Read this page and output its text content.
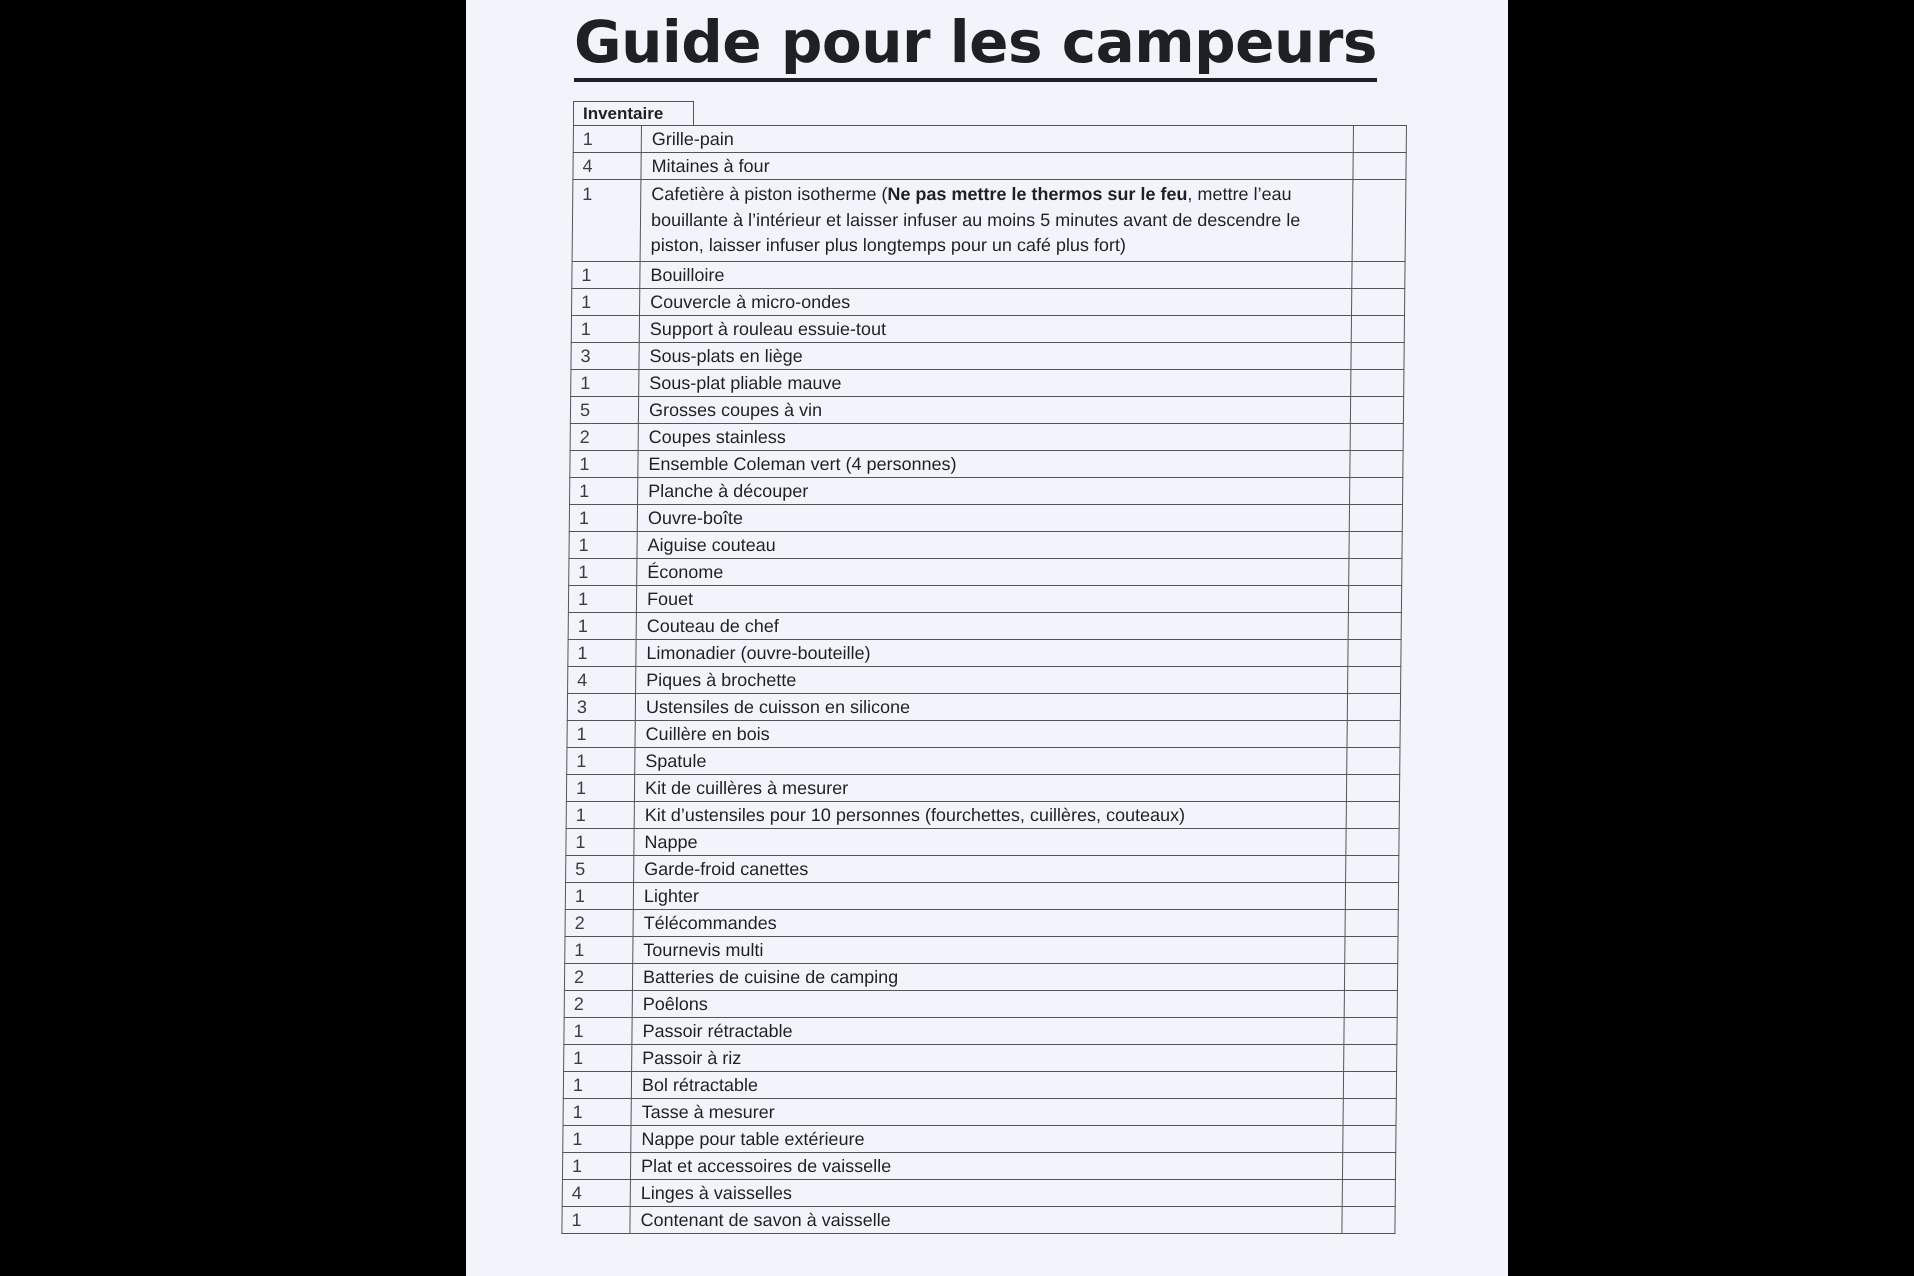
Guide pour les campeurs
Inventaire
1	Grille-pain	
4	Mitaines à four	
1	Cafetière à piston isotherme (Ne pas mettre le thermos sur le feu, mettre l’eau bouillante à l’intérieur et laisser infuser au moins 5 minutes avant de descendre le piston, laisser infuser plus longtemps pour un café plus fort)	
1	Bouilloire	
1	Couvercle à micro-ondes	
1	Support à rouleau essuie-tout	
3	Sous-plats en liège	
1	Sous-plat pliable mauve	
5	Grosses coupes à vin	
2	Coupes stainless	
1	Ensemble Coleman vert (4 personnes)	
1	Planche à découper	
1	Ouvre-boîte	
1	Aiguise couteau	
1	Économe	
1	Fouet	
1	Couteau de chef	
1	Limonadier (ouvre-bouteille)	
4	Piques à brochette	
3	Ustensiles de cuisson en silicone	
1	Cuillère en bois	
1	Spatule	
1	Kit de cuillères à mesurer	
1	Kit d’ustensiles pour 10 personnes (fourchettes, cuillères, couteaux)	
1	Nappe	
5	Garde-froid canettes	
1	Lighter	
2	Télécommandes	
1	Tournevis multi	
2	Batteries de cuisine de camping	
2	Poêlons	
1	Passoir rétractable	
1	Passoir à riz	
1	Bol rétractable	
1	Tasse à mesurer	
1	Nappe pour table extérieure	
1	Plat et accessoires de vaisselle	
4	Linges à vaisselles	
1	Contenant de savon à vaisselle	
